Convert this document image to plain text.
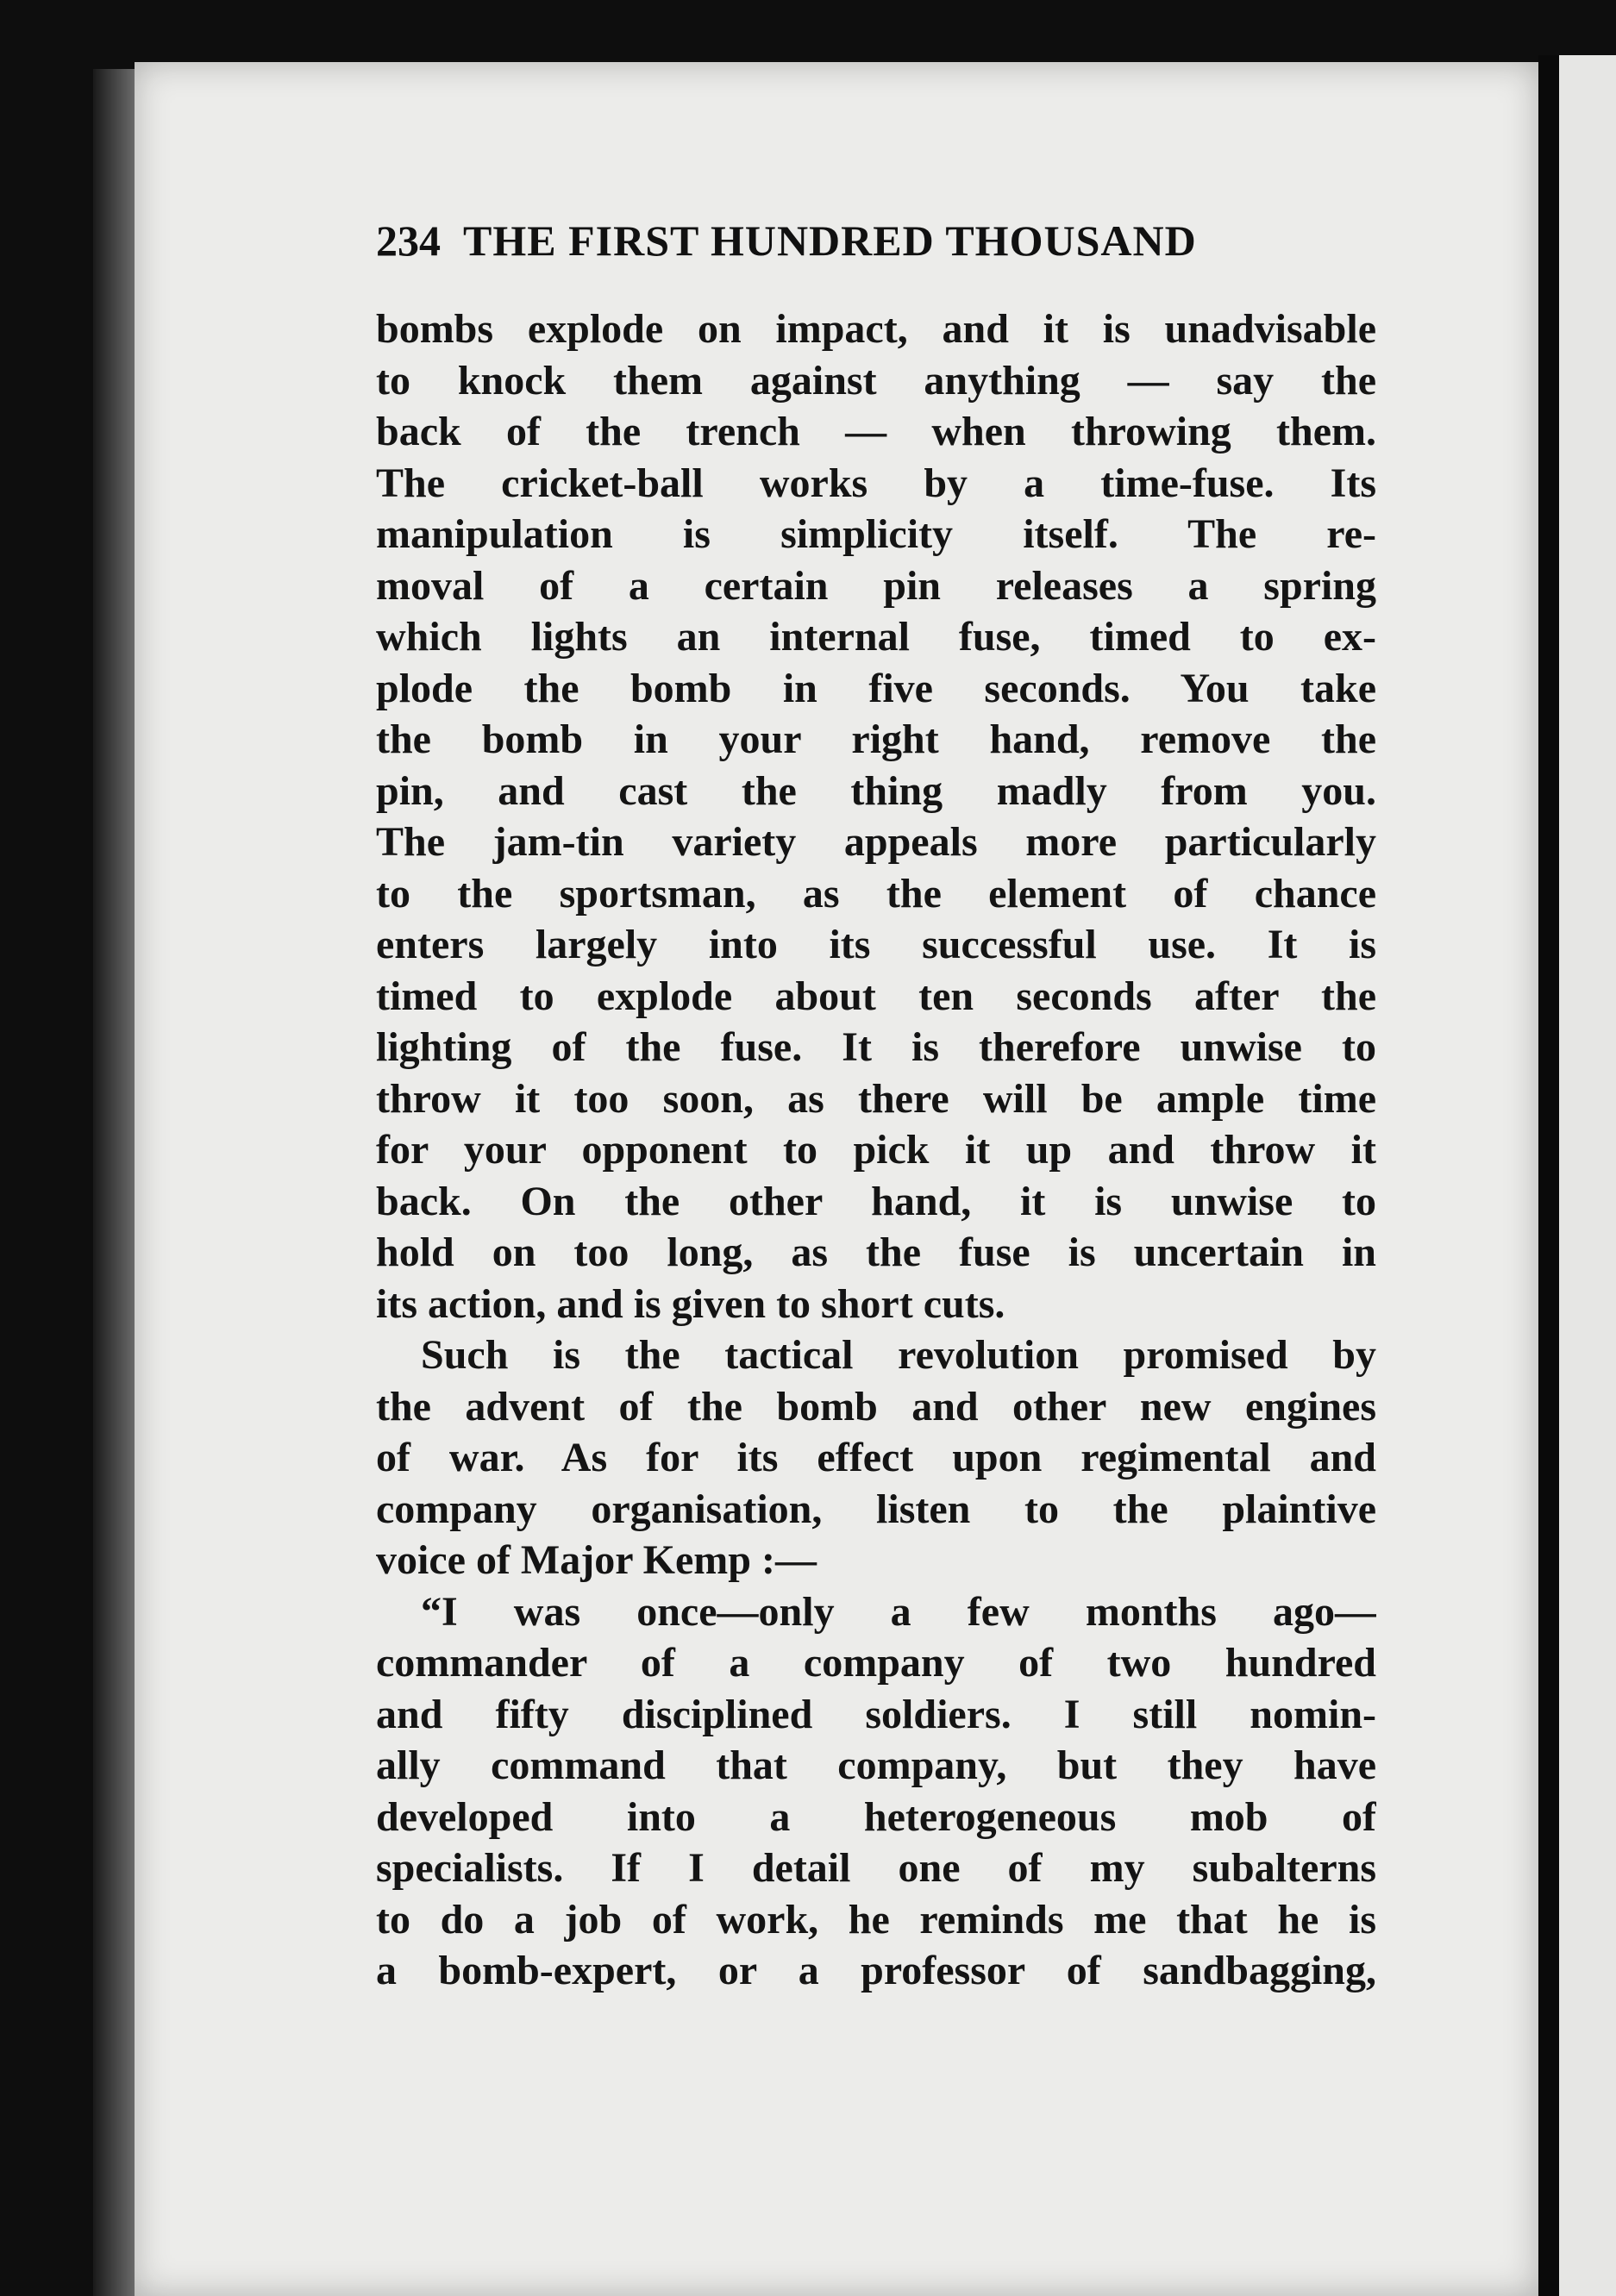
234 THE FIRST HUNDRED THOUSAND
bombs explode on impact, and it is unadvisable
to knock them against anything — say the
back of the trench — when throwing them.
The cricket-ball works by a time-fuse. Its
manipulation is simplicity itself. The re-
moval of a certain pin releases a spring
which lights an internal fuse, timed to ex-
plode the bomb in five seconds. You take
the bomb in your right hand, remove the
pin, and cast the thing madly from you.
The jam-tin variety appeals more particularly
to the sportsman, as the element of chance
enters largely into its successful use. It is
timed to explode about ten seconds after the
lighting of the fuse. It is therefore unwise to
throw it too soon, as there will be ample time
for your opponent to pick it up and throw it
back. On the other hand, it is unwise to
hold on too long, as the fuse is uncertain in
its action, and is given to short cuts.
Such is the tactical revolution promised by
the advent of the bomb and other new engines
of war. As for its effect upon regimental and
company organisation, listen to the plaintive
voice of Major Kemp :—
“I was once—only a few months ago—
commander of a company of two hundred
and fifty disciplined soldiers. I still nomin-
ally command that company, but they have
developed into a heterogeneous mob of
specialists. If I detail one of my subalterns
to do a job of work, he reminds me that he is
a bomb-expert, or a professor of sandbagging,
